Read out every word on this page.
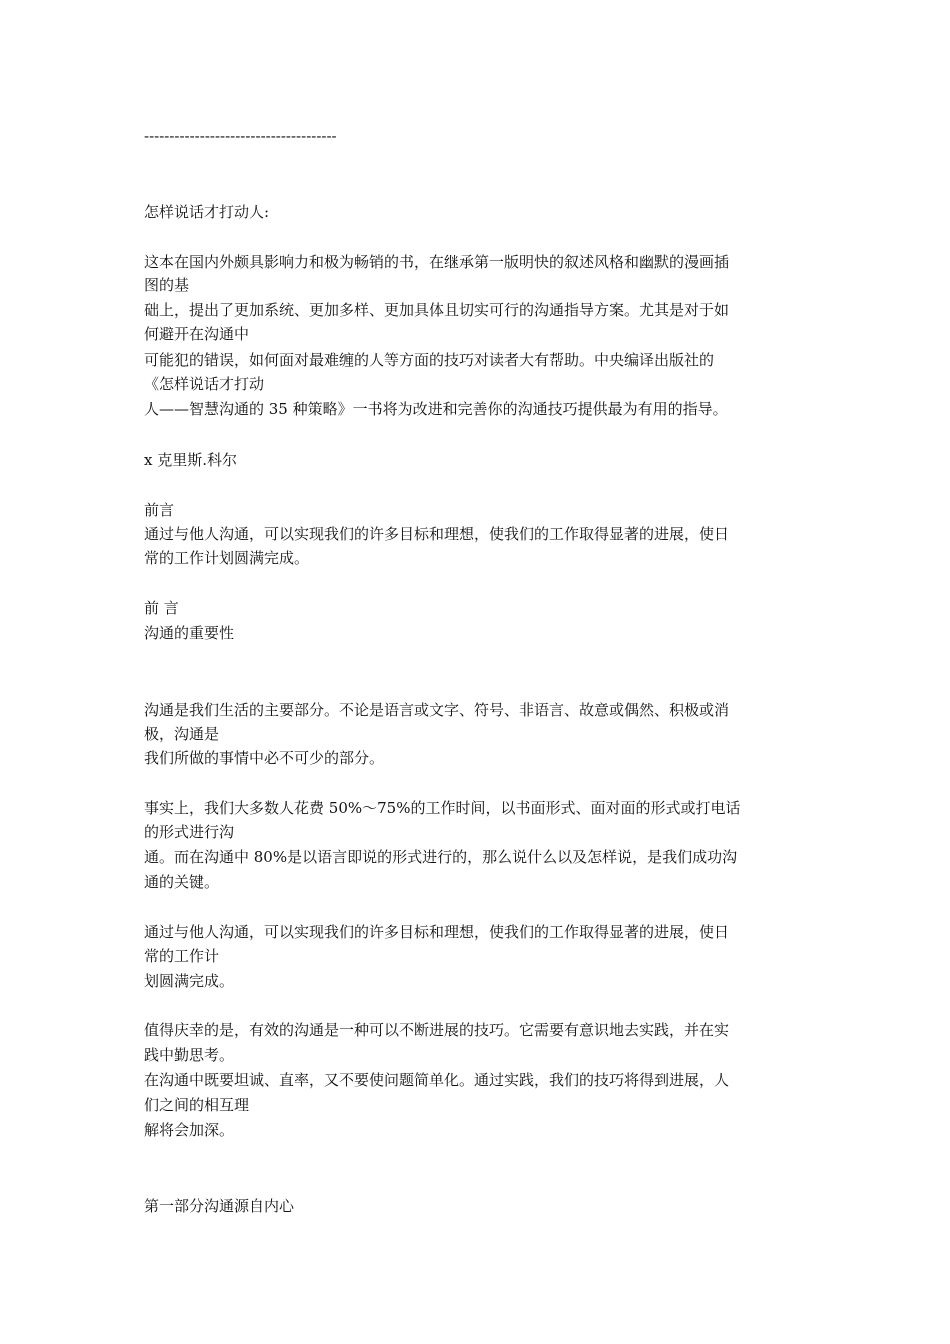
--------------------------------------
怎样说话才打动人:
这本在国内外颇具影响力和极为畅销的书，在继承第一版明快的叙述风格和幽默的漫画插
图的基
础上，提出了更加系统、更加多样、更加具体且切实可行的沟通指导方案。尤其是对于如
何避开在沟通中
可能犯的错误，如何面对最难缠的人等方面的技巧对读者大有帮助。中央编译出版社的
《怎样说话才打动
人——智慧沟通的 35 种策略》一书将为改进和完善你的沟通技巧提供最为有用的指导。
x 克里斯.科尔
前言
通过与他人沟通，可以实现我们的许多目标和理想，使我们的工作取得显著的进展，使日
常的工作计划圆满完成。
前 言
沟通的重要性
沟通是我们生活的主要部分。不论是语言或文字、符号、非语言、故意或偶然、积极或消
极，沟通是
我们所做的事情中必不可少的部分。
事实上，我们大多数人花费 50%～75%的工作时间，以书面形式、面对面的形式或打电话
的形式进行沟
通。而在沟通中 80%是以语言即说的形式进行的，那么说什么以及怎样说，是我们成功沟
通的关键。
通过与他人沟通，可以实现我们的许多目标和理想，使我们的工作取得显著的进展，使日
常的工作计
划圆满完成。
值得庆幸的是，有效的沟通是一种可以不断进展的技巧。它需要有意识地去实践，并在实
践中勤思考。
在沟通中既要坦诚、直率，又不要使问题简单化。通过实践，我们的技巧将得到进展，人
们之间的相互理
解将会加深。
第一部分沟通源自内心
